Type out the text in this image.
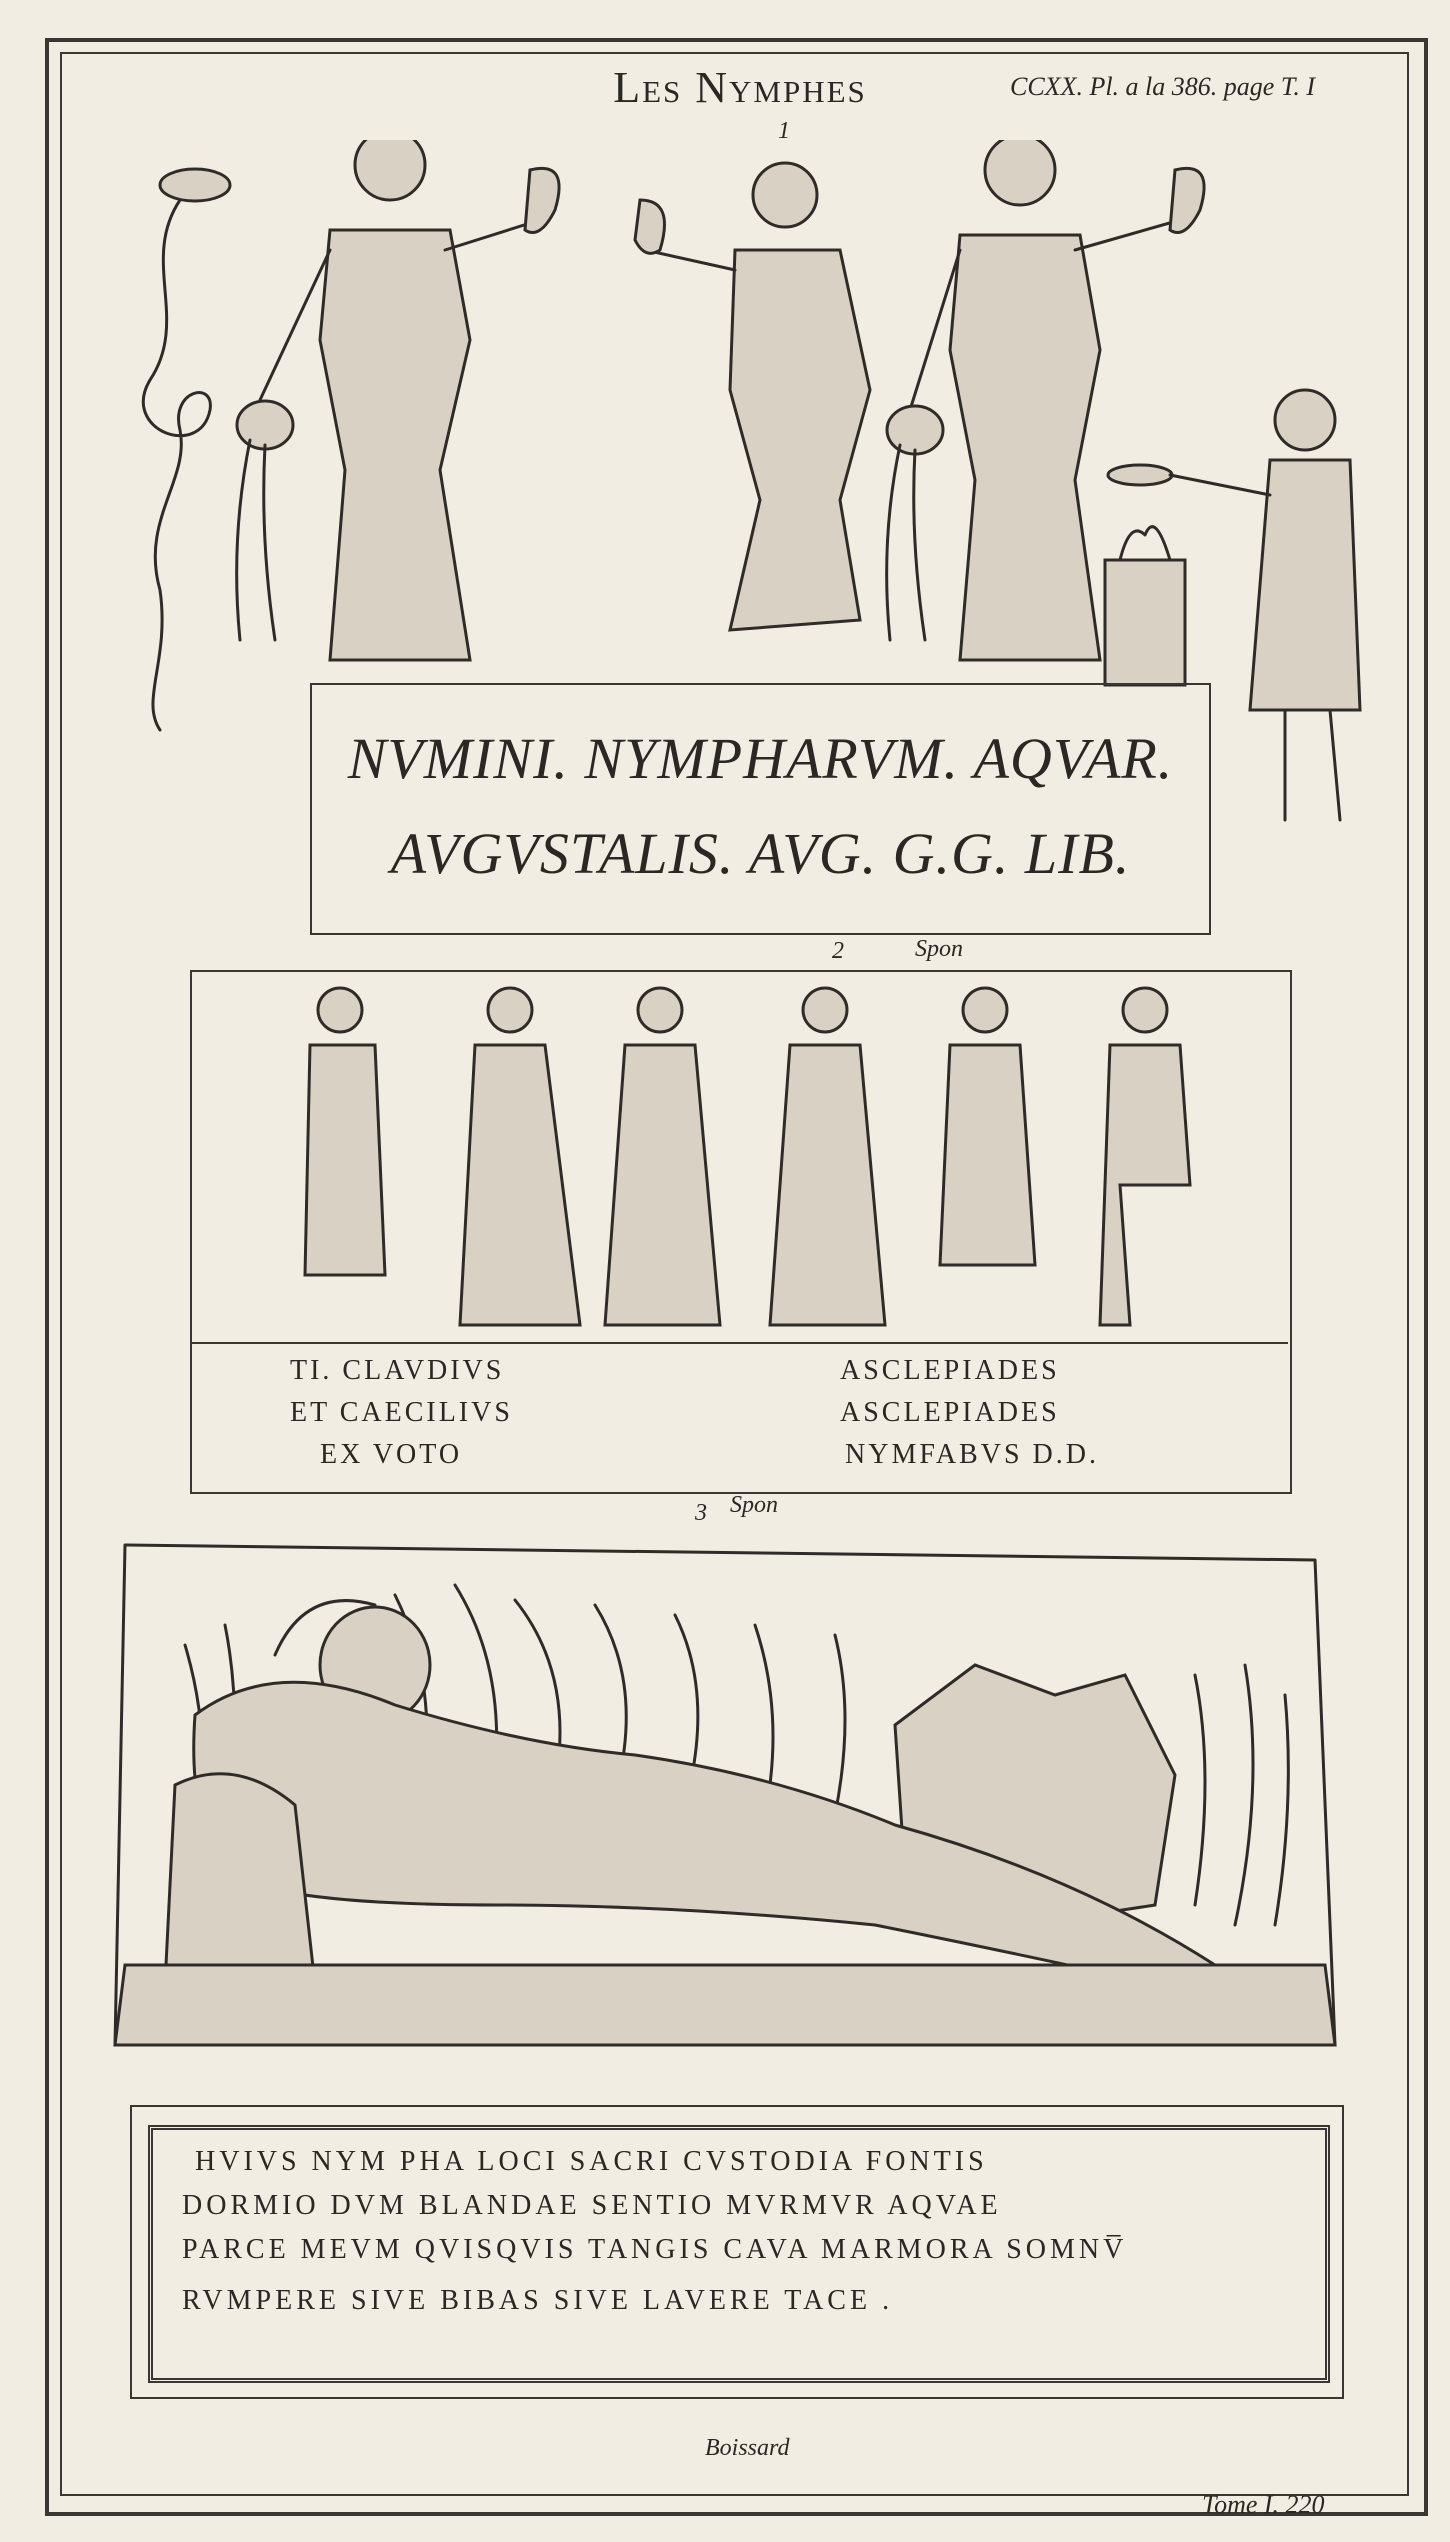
Les Nymphes	CCXX. Pl. a la 386. page T. I
1
NVMINI. NYMPHARVM. AQVAR.
AVGVSTALIS. AVG. G.G. LIB.
Spon
2
TI. CLAVDIVS
ET CAECILIVS
EX VOTO
ASCLEPIADES
ASCLEPIADES
NYMFABVS D.D.
Spon
3
HVIVS NYM PHA LOCI SACRI CVSTODIA FONTIS
DORMIO DVM BLANDAE SENTIO MVRMVR AQVAE
PARCE MEVM QVISQVIS TANGIS CAVA MARMORA SOMNV̅
RVMPERE SIVE BIBAS SIVE LAVERE TACE .
Boissard
Tome I. 220
